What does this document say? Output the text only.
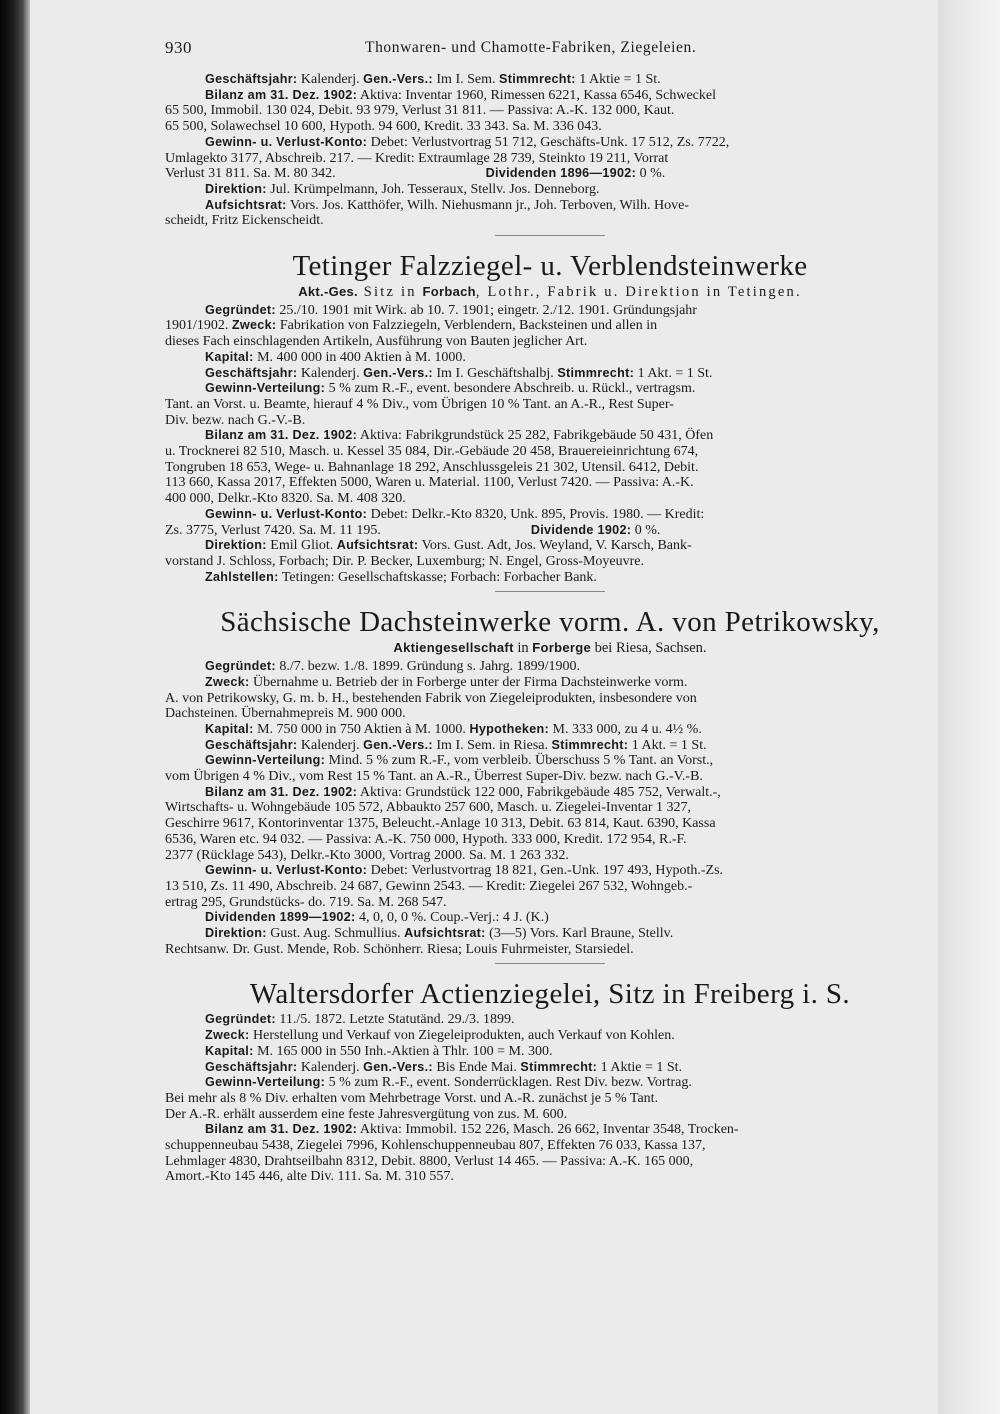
930	Thonwaren- und Chamotte-Fabriken, Ziegeleien.

Geschäftsjahr: Kalenderj. Gen.-Vers.: Im I. Sem. Stimmrecht: 1 Aktie = 1 St.

Bilanz am 31. Dez. 1902: Aktiva: Inventar 1960, Rimessen 6221, Kassa 6546, Schweckel

65 500, Immobil. 130 024, Debit. 93 979, Verlust 31 811. — Passiva: A.-K. 132 000, Kaut.

65 500, Solawechsel 10 600, Hypoth. 94 600, Kredit. 33 343. Sa. M. 336 043.

Gewinn- u. Verlust-Konto: Debet: Verlustvortrag 51 712, Geschäfts-Unk. 17 512, Zs. 7722,

Umlagekto 3177, Abschreib. 217. — Kredit: Extraumlage 28 739, Steinkto 19 211, Vorrat

Verlust 31 811. Sa. M. 80 342.	Dividenden 1896—1902: 0 %.

Direktion: Jul. Krümpelmann, Joh. Tesseraux, Stellv. Jos. Denneborg.

Aufsichtsrat: Vors. Jos. Katthöfer, Wilh. Niehusmann jr., Joh. Terboven, Wilh. Hove-

scheidt, Fritz Eickenscheidt.

Tetinger Falzziegel- u. Verblendsteinwerke
Akt.-Ges. Sitz in Forbach, Lothr., Fabrik u. Direktion in Tetingen.

Gegründet: 25./10. 1901 mit Wirk. ab 10. 7. 1901; eingetr. 2./12. 1901. Gründungsjahr

1901/1902. Zweck: Fabrikation von Falzziegeln, Verblendern, Backsteinen und allen in

dieses Fach einschlagenden Artikeln, Ausführung von Bauten jeglicher Art.

Kapital: M. 400 000 in 400 Aktien à M. 1000.

Geschäftsjahr: Kalenderj. Gen.-Vers.: Im I. Geschäftshalbj. Stimmrecht: 1 Akt. = 1 St.

Gewinn-Verteilung: 5 % zum R.-F., event. besondere Abschreib. u. Rückl., vertragsm.

Tant. an Vorst. u. Beamte, hierauf 4 % Div., vom Übrigen 10 % Tant. an A.-R., Rest Super-

Div. bezw. nach G.-V.-B.

Bilanz am 31. Dez. 1902: Aktiva: Fabrikgrundstück 25 282, Fabrikgebäude 50 431, Öfen

u. Trocknerei 82 510, Masch. u. Kessel 35 084, Dir.-Gebäude 20 458, Brauereieinrichtung 674,

Tongruben 18 653, Wege- u. Bahnanlage 18 292, Anschlussgeleis 21 302, Utensil. 6412, Debit.

113 660, Kassa 2017, Effekten 5000, Waren u. Material. 1100, Verlust 7420. — Passiva: A.-K.

400 000, Delkr.-Kto 8320. Sa. M. 408 320.

Gewinn- u. Verlust-Konto: Debet: Delkr.-Kto 8320, Unk. 895, Provis. 1980. — Kredit:

Zs. 3775, Verlust 7420. Sa. M. 11 195.	Dividende 1902: 0 %.

Direktion: Emil Gliot. Aufsichtsrat: Vors. Gust. Adt, Jos. Weyland, V. Karsch, Bank-

vorstand J. Schloss, Forbach; Dir. P. Becker, Luxemburg; N. Engel, Gross-Moyeuvre.

Zahlstellen: Tetingen: Gesellschaftskasse; Forbach: Forbacher Bank.

Sächsische Dachsteinwerke vorm. A. von Petrikowsky,
Aktiengesellschaft in Forberge bei Riesa, Sachsen.

Gegründet: 8./7. bezw. 1./8. 1899. Gründung s. Jahrg. 1899/1900.

Zweck: Übernahme u. Betrieb der in Forberge unter der Firma Dachsteinwerke vorm.

A. von Petrikowsky, G. m. b. H., bestehenden Fabrik von Ziegeleiprodukten, insbesondere von

Dachsteinen. Übernahmepreis M. 900 000.

Kapital: M. 750 000 in 750 Aktien à M. 1000. Hypotheken: M. 333 000, zu 4 u. 4½ %.

Geschäftsjahr: Kalenderj. Gen.-Vers.: Im I. Sem. in Riesa. Stimmrecht: 1 Akt. = 1 St.

Gewinn-Verteilung: Mind. 5 % zum R.-F., vom verbleib. Überschuss 5 % Tant. an Vorst.,

vom Übrigen 4 % Div., vom Rest 15 % Tant. an A.-R., Überrest Super-Div. bezw. nach G.-V.-B.

Bilanz am 31. Dez. 1902: Aktiva: Grundstück 122 000, Fabrikgebäude 485 752, Verwalt.-,

Wirtschafts- u. Wohngebäude 105 572, Abbaukto 257 600, Masch. u. Ziegelei-Inventar 1 327,

Geschirre 9617, Kontorinventar 1375, Beleucht.-Anlage 10 313, Debit. 63 814, Kaut. 6390, Kassa

6536, Waren etc. 94 032. — Passiva: A.-K. 750 000, Hypoth. 333 000, Kredit. 172 954, R.-F.

2377 (Rücklage 543), Delkr.-Kto 3000, Vortrag 2000. Sa. M. 1 263 332.

Gewinn- u. Verlust-Konto: Debet: Verlustvortrag 18 821, Gen.-Unk. 197 493, Hypoth.-Zs.

13 510, Zs. 11 490, Abschreib. 24 687, Gewinn 2543. — Kredit: Ziegelei 267 532, Wohngeb.-

ertrag 295, Grundstücks- do. 719. Sa. M. 268 547.

Dividenden 1899—1902: 4, 0, 0, 0 %. Coup.-Verj.: 4 J. (K.)

Direktion: Gust. Aug. Schmullius. Aufsichtsrat: (3—5) Vors. Karl Braune, Stellv.

Rechtsanw. Dr. Gust. Mende, Rob. Schönherr. Riesa; Louis Fuhrmeister, Starsiedel.

Waltersdorfer Actienziegelei, Sitz in Freiberg i. S.

Gegründet: 11./5. 1872. Letzte Statutänd. 29./3. 1899.

Zweck: Herstellung und Verkauf von Ziegeleiprodukten, auch Verkauf von Kohlen.

Kapital: M. 165 000 in 550 Inh.-Aktien à Thlr. 100 = M. 300.

Geschäftsjahr: Kalenderj. Gen.-Vers.: Bis Ende Mai. Stimmrecht: 1 Aktie = 1 St.

Gewinn-Verteilung: 5 % zum R.-F., event. Sonderrücklagen. Rest Div. bezw. Vortrag.

Bei mehr als 8 % Div. erhalten vom Mehrbetrage Vorst. und A.-R. zunächst je 5 % Tant.

Der A.-R. erhält ausserdem eine feste Jahresvergütung von zus. M. 600.

Bilanz am 31. Dez. 1902: Aktiva: Immobil. 152 226, Masch. 26 662, Inventar 3548, Trocken-

schuppenneubau 5438, Ziegelei 7996, Kohlenschuppenneubau 807, Effekten 76 033, Kassa 137,

Lehmlager 4830, Drahtseilbahn 8312, Debit. 8800, Verlust 14 465. — Passiva: A.-K. 165 000,

Amort.-Kto 145 446, alte Div. 111. Sa. M. 310 557.
